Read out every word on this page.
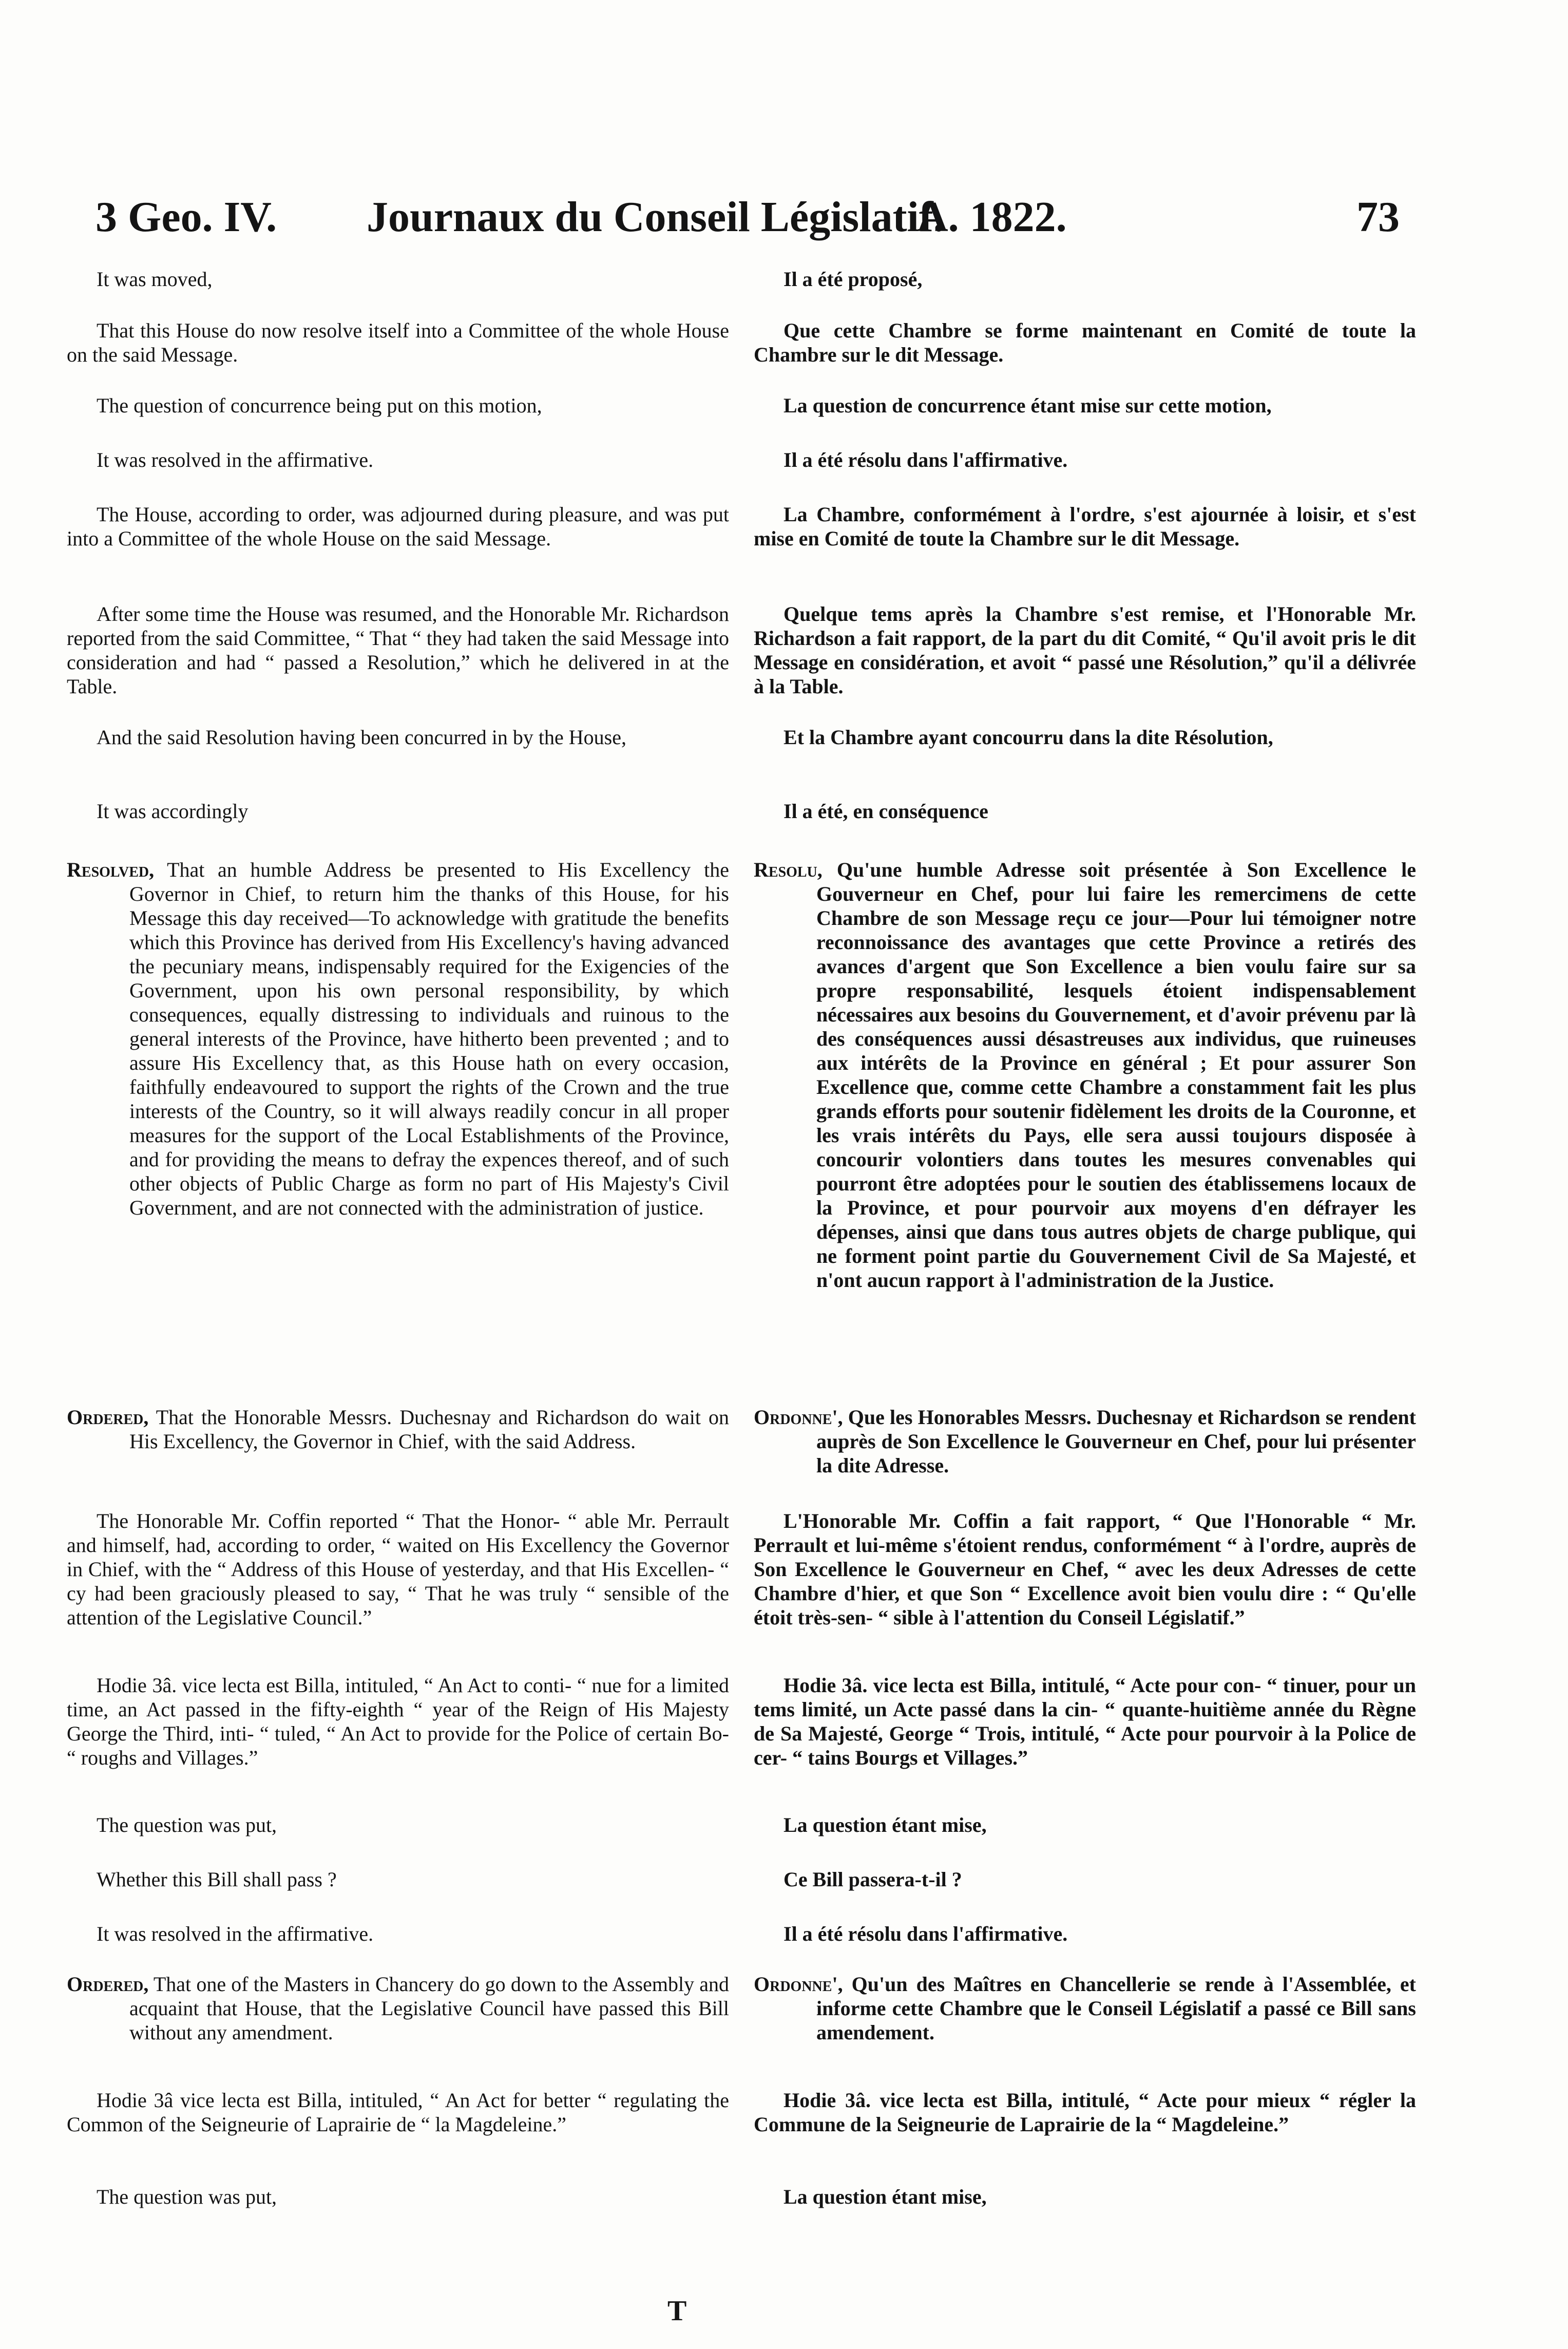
3 Geo. IV. Journaux du Conseil Législatif.
A. 1822.	73

It was moved,

That this House do now resolve itself into a Committee of the whole House on the said Message.

The question of concurrence being put on this motion,

It was resolved in the affirmative.

The House, according to order, was adjourned during pleasure, and was put into a Committee of the whole House on the said Message.

After some time the House was resumed, and the Honorable Mr. Richardson reported from the said Committee, “ That “ they had taken the said Message into consideration and had “ passed a Resolution,” which he delivered in at the Table.

And the said Resolution having been concurred in by the House,

It was accordingly

Resolved, That an humble Address be presented to His Excellency the Governor in Chief, to return him the thanks of this House, for his Message this day received—To acknowledge with gratitude the benefits which this Province has derived from His Excellency's having advanced the pecuniary means, indispensably required for the Exigencies of the Government, upon his own personal responsibility, by which consequences, equally distressing to individuals and ruinous to the general interests of the Province, have hitherto been prevented ; and to assure His Excellency that, as this House hath on every occasion, faithfully endeavoured to support the rights of the Crown and the true interests of the Country, so it will always readily concur in all proper measures for the support of the Local Establishments of the Province, and for providing the means to defray the expences thereof, and of such other objects of Public Charge as form no part of His Majesty's Civil Government, and are not connected with the administration of justice.

Ordered, That the Honorable Messrs. Duchesnay and Richardson do wait on His Excellency, the Governor in Chief, with the said Address.

The Honorable Mr. Coffin reported “ That the Honor- “ able Mr. Perrault and himself, had, according to order, “ waited on His Excellency the Governor in Chief, with the “ Address of this House of yesterday, and that His Excellen- “ cy had been graciously pleased to say, “ That he was truly “ sensible of the attention of the Legislative Council.”

Hodie 3â. vice lecta est Billa, intituled, “ An Act to conti- “ nue for a limited time, an Act passed in the fifty-eighth “ year of the Reign of His Majesty George the Third, inti- “ tuled, “ An Act to provide for the Police of certain Bo- “ roughs and Villages.”

The question was put,

Whether this Bill shall pass ?

It was resolved in the affirmative.

Ordered, That one of the Masters in Chancery do go down to the Assembly and acquaint that House, that the Legislative Council have passed this Bill without any amendment.

Hodie 3â vice lecta est Billa, intituled, “ An Act for better “ regulating the Common of the Seigneurie of Laprairie de “ la Magdeleine.”

The question was put,

Il a été proposé,

Que cette Chambre se forme maintenant en Comité de toute la Chambre sur le dit Message.

La question de concurrence étant mise sur cette motion,

Il a été résolu dans l'affirmative.

La Chambre, conformément à l'ordre, s'est ajournée à loisir, et s'est mise en Comité de toute la Chambre sur le dit Message.

Quelque tems après la Chambre s'est remise, et l'Honorable Mr. Richardson a fait rapport, de la part du dit Comité, “ Qu'il avoit pris le dit Message en considération, et avoit “ passé une Résolution,” qu'il a délivrée à la Table.

Et la Chambre ayant concourru dans la dite Résolution,

Il a été, en conséquence

Resolu, Qu'une humble Adresse soit présentée à Son Excellence le Gouverneur en Chef, pour lui faire les remercimens de cette Chambre de son Message reçu ce jour—Pour lui témoigner notre reconnoissance des avantages que cette Province a retirés des avances d'argent que Son Excellence a bien voulu faire sur sa propre responsabilité, lesquels étoient indispensablement nécessaires aux besoins du Gouvernement, et d'avoir prévenu par là des conséquences aussi désastreuses aux individus, que ruineuses aux intérêts de la Province en général ; Et pour assurer Son Excellence que, comme cette Chambre a constamment fait les plus grands efforts pour soutenir fidèlement les droits de la Couronne, et les vrais intérêts du Pays, elle sera aussi toujours disposée à concourir volontiers dans toutes les mesures convenables qui pourront être adoptées pour le soutien des établissemens locaux de la Province, et pour pourvoir aux moyens d'en défrayer les dépenses, ainsi que dans tous autres objets de charge publique, qui ne forment point partie du Gouvernement Civil de Sa Majesté, et n'ont aucun rapport à l'administration de la Justice.

Ordonne', Que les Honorables Messrs. Duchesnay et Richardson se rendent auprès de Son Excellence le Gouverneur en Chef, pour lui présenter la dite Adresse.

L'Honorable Mr. Coffin a fait rapport, “ Que l'Honorable “ Mr. Perrault et lui-même s'étoient rendus, conformément “ à l'ordre, auprès de Son Excellence le Gouverneur en Chef, “ avec les deux Adresses de cette Chambre d'hier, et que Son “ Excellence avoit bien voulu dire : “ Qu'elle étoit très-sen- “ sible à l'attention du Conseil Législatif.”

Hodie 3â. vice lecta est Billa, intitulé, “ Acte pour con- “ tinuer, pour un tems limité, un Acte passé dans la cin- “ quante-huitième année du Règne de Sa Majesté, George “ Trois, intitulé, “ Acte pour pourvoir à la Police de cer- “ tains Bourgs et Villages.”

La question étant mise,

Ce Bill passera-t-il ?

Il a été résolu dans l'affirmative.

Ordonne', Qu'un des Maîtres en Chancellerie se rende à l'Assemblée, et informe cette Chambre que le Conseil Législatif a passé ce Bill sans amendement.

Hodie 3â. vice lecta est Billa, intitulé, “ Acte pour mieux “ régler la Commune de la Seigneurie de Laprairie de la “ Magdeleine.”

La question étant mise,

T
